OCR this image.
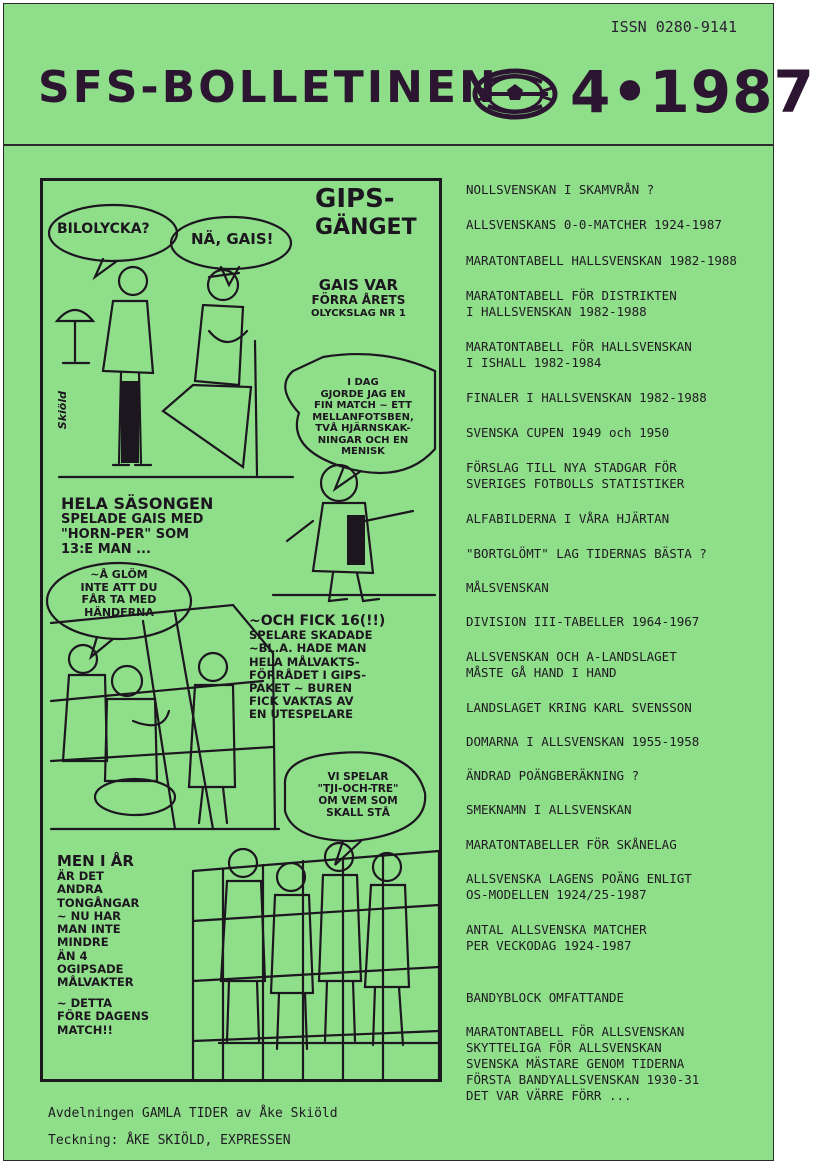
ISSN 0280-9141
SFS-BOLLETINEN 4•1987
GIPS-
GÄNGET
BILOLYCKA?
NÄ, GAIS!
GAIS VAR
FÖRRA ÅRETS
OLYCKSLAG NR 1
I DAG
GJORDE JAG EN
FIN MATCH ~ ETT
MELLANFOTSBEN,
TVÅ HJÄRNSKAK-
NINGAR OCH EN
MENISK
Skiöld
HELA SÄSONGEN
SPELADE GAIS MED
"HORN-PER" SOM
13:E MAN ...
~Å GLÖM
INTE ATT DU
FÅR TA MED
HÄNDERNA
~OCH FICK 16(!!)
SPELARE SKADADE
~BL.A. HADE MAN
HELA MÅLVAKTS-
FÖRRÅDET I GIPS-
PAKET ~ BUREN
FICK VAKTAS AV
EN UTESPELARE
VI SPELAR
"TJI-OCH-TRE"
OM VEM SOM
SKALL STÅ
MEN I ÅR
ÄR DET
ANDRA
TONGÅNGAR
~ NU HAR
MAN INTE
MINDRE
ÄN 4
OGIPSADE
MÅLVAKTER
~ DETTA
FÖRE DAGENS
MATCH!!
NOLLSVENSKAN I SKAMVRÅN ?
ALLSVENSKANS 0-0-MATCHER 1924-1987
MARATONTABELL HALLSVENSKAN 1982-1988
MARATONTABELL FÖR DISTRIKTEN
I HALLSVENSKAN 1982-1988
MARATONTABELL FÖR HALLSVENSKAN
I ISHALL 1982-1984
FINALER I HALLSVENSKAN 1982-1988
SVENSKA CUPEN 1949 och 1950
FÖRSLAG TILL NYA STADGAR FÖR
SVERIGES FOTBOLLS STATISTIKER
ALFABILDERNA I VÅRA HJÄRTAN
"BORTGLÖMT" LAG TIDERNAS BÄSTA ?
MÅLSVENSKAN
DIVISION III-TABELLER 1964-1967
ALLSVENSKAN OCH A-LANDSLAGET
MÅSTE GÅ HAND I HAND
LANDSLAGET KRING KARL SVENSSON
DOMARNA I ALLSVENSKAN 1955-1958
ÄNDRAD POÄNGBERÄKNING ?
SMEKNAMN I ALLSVENSKAN
MARATONTABELLER FÖR SKÅNELAG
ALLSVENSKA LAGENS POÄNG ENLIGT
OS-MODELLEN 1924/25-1987
ANTAL ALLSVENSKA MATCHER
PER VECKODAG 1924-1987
BANDYBLOCK OMFATTANDE
MARATONTABELL FÖR ALLSVENSKAN
SKYTTELIGA FÖR ALLSVENSKAN
SVENSKA MÄSTARE GENOM TIDERNA
FÖRSTA BANDYALLSVENSKAN 1930-31
DET VAR VÄRRE FÖRR ...
Avdelningen GAMLA TIDER av Åke Skiöld
Teckning: ÅKE SKIÖLD, EXPRESSEN
